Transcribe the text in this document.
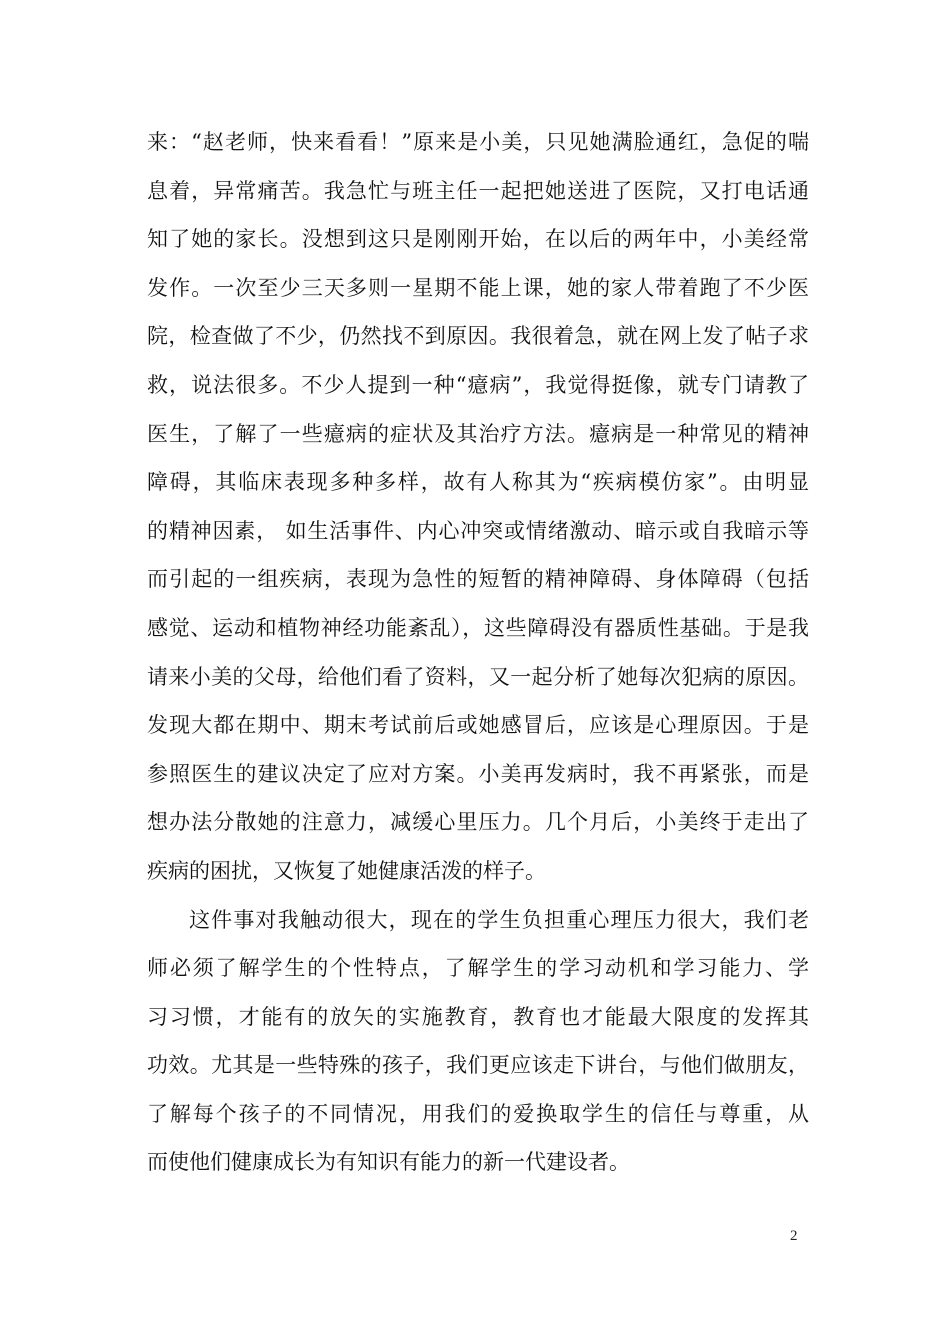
来：“赵老师，快来看看！”原来是小美，只见她满脸通红，急促的喘
息着，异常痛苦。我急忙与班主任一起把她送进了医院，又打电话通
知了她的家长。没想到这只是刚刚开始，在以后的两年中，小美经常
发作。一次至少三天多则一星期不能上课，她的家人带着跑了不少医
院，检查做了不少，仍然找不到原因。我很着急，就在网上发了帖子求
救，说法很多。不少人提到一种“癔病”，我觉得挺像，就专门请教了
医生，了解了一些癔病的症状及其治疗方法。癔病是一种常见的精神
障碍，其临床表现多种多样，故有人称其为“疾病模仿家”。由明显
的精神因素， 如生活事件、内心冲突或情绪激动、暗示或自我暗示等
而引起的一组疾病，表现为急性的短暂的精神障碍、身体障碍（包括
感觉、运动和植物神经功能紊乱），这些障碍没有器质性基础。于是我
请来小美的父母，给他们看了资料，又一起分析了她每次犯病的原因。
发现大都在期中、期末考试前后或她感冒后，应该是心理原因。于是
参照医生的建议决定了应对方案。小美再发病时，我不再紧张，而是
想办法分散她的注意力，减缓心里压力。几个月后，小美终于走出了
疾病的困扰，又恢复了她健康活泼的样子。
这件事对我触动很大，现在的学生负担重心理压力很大，我们老
师必须了解学生的个性特点，了解学生的学习动机和学习能力、学
习习惯，才能有的放矢的实施教育，教育也才能最大限度的发挥其
功效。尤其是一些特殊的孩子，我们更应该走下讲台，与他们做朋友，
了解每个孩子的不同情况，用我们的爱换取学生的信任与尊重，从
而使他们健康成长为有知识有能力的新一代建设者。
2
